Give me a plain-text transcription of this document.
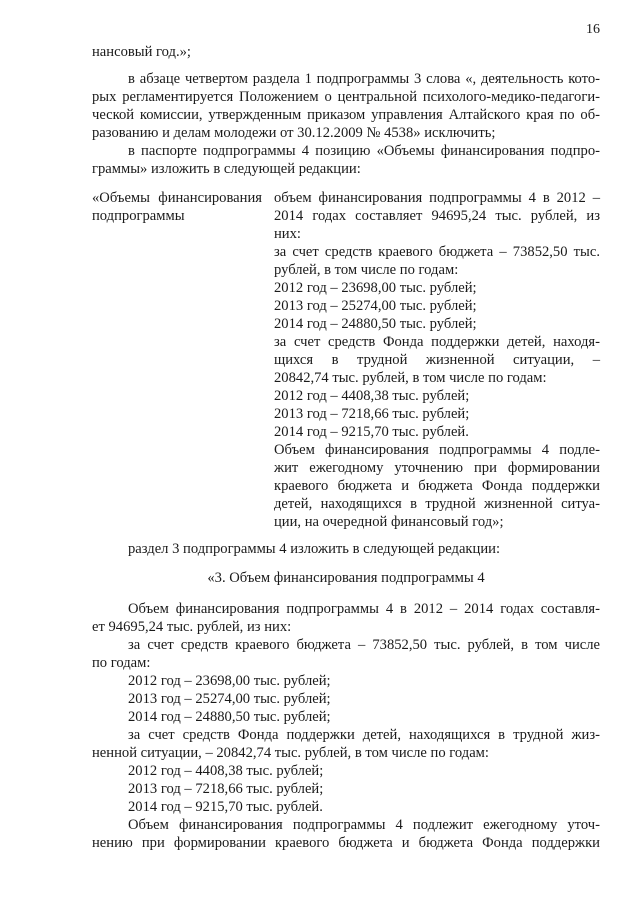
16
нансовый год.»;
в абзаце четвертом раздела 1 подпрограммы 3 слова «, деятельность кото-
рых регламентируется Положением о центральной психолого-медико-педагоги-
ческой комиссии, утвержденным приказом управления Алтайского края по об-
разованию и делам молодежи от 30.12.2009 № 4538» исключить;
в паспорте подпрограммы 4 позицию «Объемы финансирования подпро-
граммы» изложить в следующей редакции:
«Объемы финансирования
подпрограммы
объем финансирования подпрограммы 4 в 2012 –
2014 годах составляет 94695,24 тыс. рублей, из
них:
за счет средств краевого бюджета – 73852,50 тыс.
рублей, в том числе по годам:
2012 год – 23698,00 тыс. рублей;
2013 год – 25274,00 тыс. рублей;
2014 год – 24880,50 тыс. рублей;
за счет средств Фонда поддержки детей, находя-
щихся в трудной жизненной ситуации, –
20842,74 тыс. рублей, в том числе по годам:
2012 год – 4408,38 тыс. рублей;
2013 год – 7218,66 тыс. рублей;
2014 год – 9215,70 тыс. рублей.
Объем финансирования подпрограммы 4 подле-
жит ежегодному уточнению при формировании
краевого бюджета и бюджета Фонда поддержки
детей, находящихся в трудной жизненной ситуа-
ции, на очередной финансовый год»;
раздел 3 подпрограммы 4 изложить в следующей редакции:
«3. Объем финансирования подпрограммы 4
Объем финансирования подпрограммы 4 в 2012 – 2014 годах составля-
ет 94695,24 тыс. рублей, из них:
за счет средств краевого бюджета – 73852,50 тыс. рублей, в том числе
по годам:
2012 год – 23698,00 тыс. рублей;
2013 год – 25274,00 тыс. рублей;
2014 год – 24880,50 тыс. рублей;
за счет средств Фонда поддержки детей, находящихся в трудной жиз-
ненной ситуации, – 20842,74 тыс. рублей, в том числе по годам:
2012 год – 4408,38 тыс. рублей;
2013 год – 7218,66 тыс. рублей;
2014 год – 9215,70 тыс. рублей.
Объем финансирования подпрограммы 4 подлежит ежегодному уточ-
нению при формировании краевого бюджета и бюджета Фонда поддержки
